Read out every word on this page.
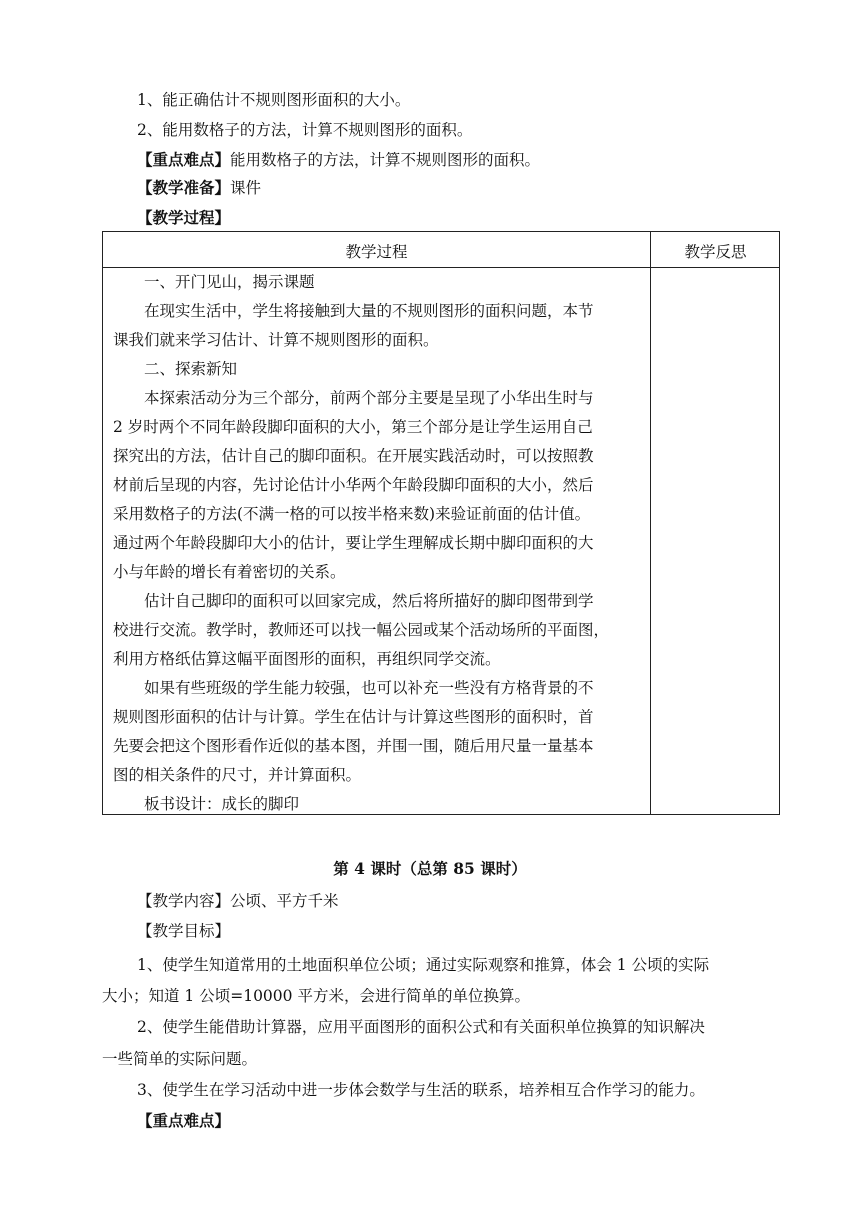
1、能正确估计不规则图形面积的大小。
2、能用数格子的方法，计算不规则图形的面积。
【重点难点】能用数格子的方法，计算不规则图形的面积。
【教学准备】课件
【教学过程】
教学过程	教学反思
一、开门见山，揭示课题
在现实生活中，学生将接触到大量的不规则图形的面积问题，本节
课我们就来学习估计、计算不规则图形的面积。
二、探索新知
本探索活动分为三个部分，前两个部分主要是呈现了小华出生时与
2 岁时两个不同年龄段脚印面积的大小，第三个部分是让学生运用自己
探究出的方法，估计自己的脚印面积。在开展实践活动时，可以按照教
材前后呈现的内容，先讨论估计小华两个年龄段脚印面积的大小，然后
采用数格子的方法(不满一格的可以按半格来数)来验证前面的估计值。
通过两个年龄段脚印大小的估计，要让学生理解成长期中脚印面积的大
小与年龄的增长有着密切的关系。
估计自己脚印的面积可以回家完成，然后将所描好的脚印图带到学
校进行交流。教学时，教师还可以找一幅公园或某个活动场所的平面图，
利用方格纸估算这幅平面图形的面积，再组织同学交流。
如果有些班级的学生能力较强，也可以补充一些没有方格背景的不
规则图形面积的估计与计算。学生在估计与计算这些图形的面积时，首
先要会把这个图形看作近似的基本图，并围一围，随后用尺量一量基本
图的相关条件的尺寸，并计算面积。
板书设计：成长的脚印
第 4 课时（总第 85 课时）
【教学内容】公顷、平方千米
【教学目标】
1、使学生知道常用的土地面积单位公顷；通过实际观察和推算，体会 1 公顷的实际
大小；知道 1 公顷=10000 平方米，会进行简单的单位换算。
2、使学生能借助计算器，应用平面图形的面积公式和有关面积单位换算的知识解决
一些简单的实际问题。
3、使学生在学习活动中进一步体会数学与生活的联系，培养相互合作学习的能力。
【重点难点】
